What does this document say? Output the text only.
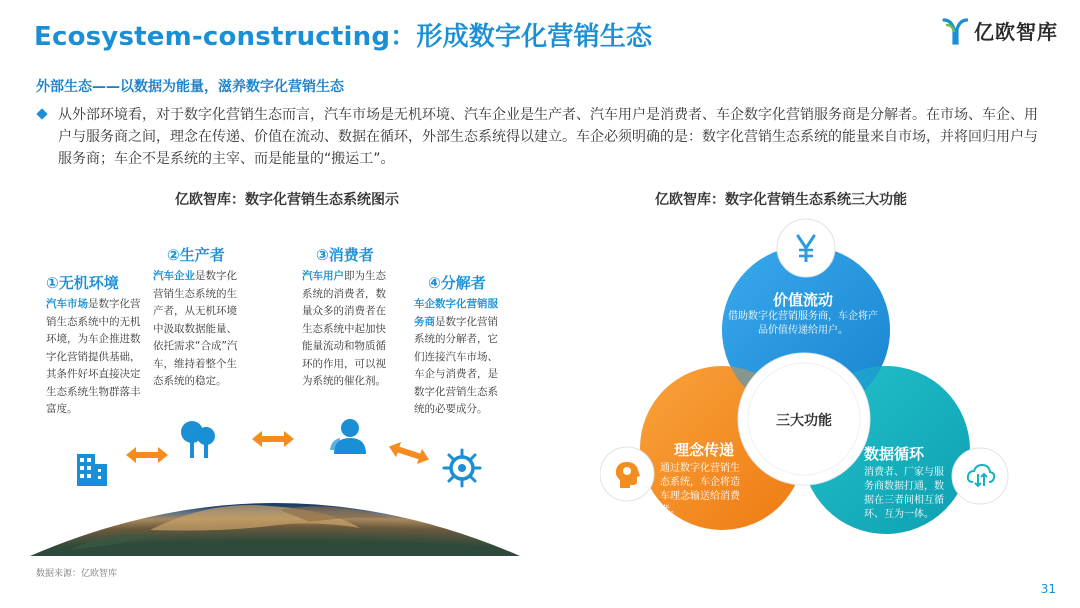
Ecosystem-constructing：形成数字化营销生态	亿欧智库
外部生态——以数据为能量，滋养数字化营销生态

从外部环境看，对于数字化营销生态而言，汽车市场是无机环境、汽车企业是生产者、汽车用户是消费者、车企数字化营销服务商是分解者。在市场、车企、用户与服务商之间，理念在传递、价值在流动、数据在循环，外部生态系统得以建立。车企必须明确的是：数字化营销生态系统的能量来自市场，并将回归用户与服务商；车企不是系统的主宰、而是能量的“搬运工”。

亿欧智库：数字化营销生态系统图示
①无机环境
汽车市场是数字化营销生态系统中的无机环境，为车企推进数字化营销提供基础，其条件好坏直接决定生态系统生物群落丰富度。
②生产者
汽车企业是数字化营销生态系统的生产者，从无机环境中汲取数据能量、依托需求“合成”汽车，维持着整个生态系统的稳定。
③消费者
汽车用户即为生态系统的消费者，数量众多的消费者在生态系统中起加快能量流动和物质循环的作用，可以视为系统的催化剂。
④分解者
车企数字化营销服务商是数字化营销系统的分解者，它们连接汽车市场、车企与消费者，是数字化营销生态系统的必要成分。
亿欧智库：数字化营销生态系统三大功能
价值流动
借助数字化营销服务商，车企将产品价值传递给用户。
理念传递
通过数字化营销生态系统，车企将造车理念输送给消费者。
数据循环
消费者、厂家与服务商数据打通，数据在三者间相互循环、互为一体。
三大功能
数据来源：亿欧智库
31
